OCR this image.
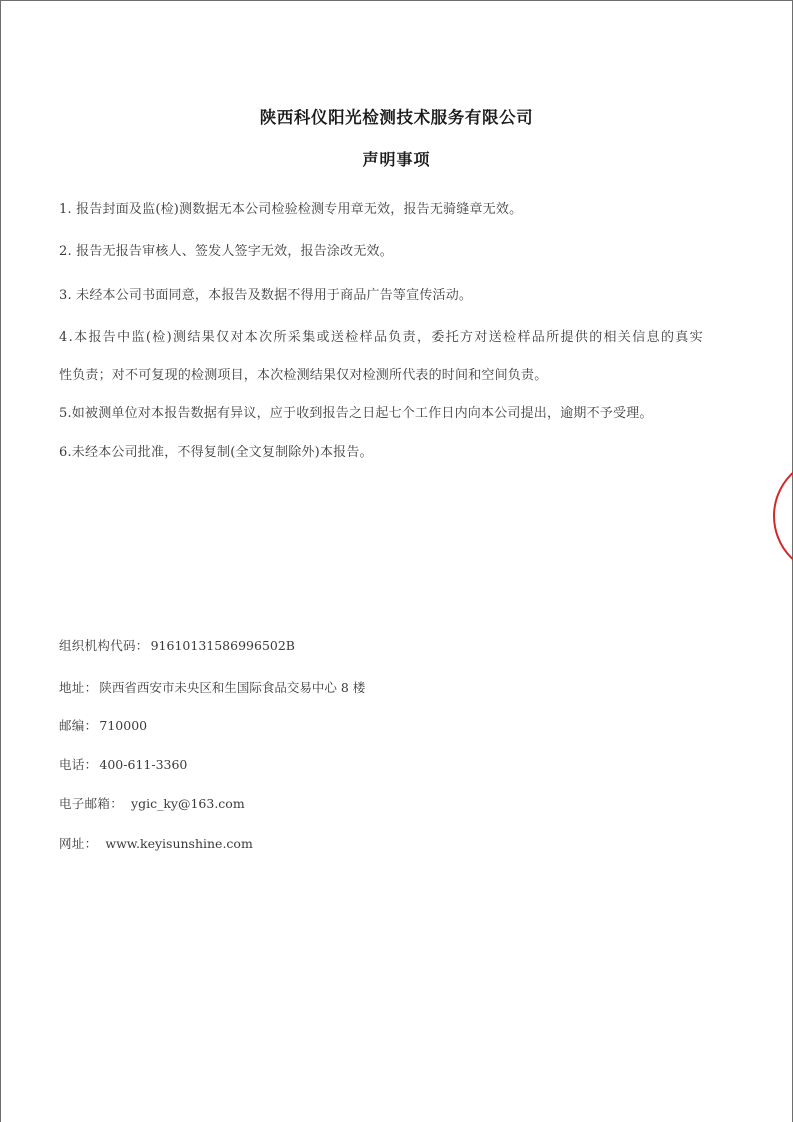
陕西科仪阳光检测技术服务有限公司
声明事项
1. 报告封面及监(检)测数据无本公司检验检测专用章无效，报告无骑缝章无效。
2. 报告无报告审核人、签发人签字无效，报告涂改无效。
3. 未经本公司书面同意，本报告及数据不得用于商品广告等宣传活动。
4.本报告中监(检)测结果仅对本次所采集或送检样品负责，委托方对送检样品所提供的相关信息的真实
性负责；对不可复现的检测项目，本次检测结果仅对检测所代表的时间和空间负责。
5.如被测单位对本报告数据有异议，应于收到报告之日起七个工作日内向本公司提出，逾期不予受理。
6.未经本公司批准，不得复制(全文复制除外)本报告。
组织机构代码： 91610131586996502B
地址： 陕西省西安市未央区和生国际食品交易中心 8 楼
邮编： 710000
电话： 400-611-3360
电子邮箱： ygic_ky@163.com
网址： www.keyisunshine.com
